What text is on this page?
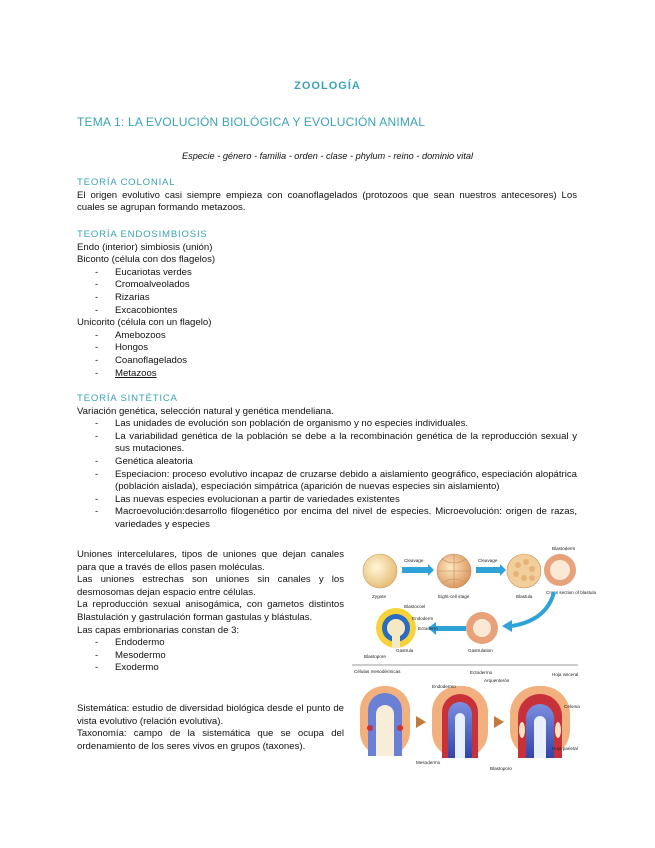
ZOOLOGÍA
TEMA 1: LA EVOLUCIÓN BIOLÓGICA Y EVOLUCIÓN ANIMAL
Especie - género - familia - orden - clase - phylum - reino - dominio vital
TEORÍA COLONIAL
El origen evolutivo casi siempre empieza con coanoflagelados (protozoos que sean nuestros antecesores) Los cuales se agrupan formando metazoos.
TEORÍA ENDOSIMBIOSIS
Endo (interior) simbiosis (unión)
Biconto (célula con dos flagelos)
- Eucariotas verdes
- Cromoalveolados
- Rizarias
- Excacobiontes
Unicorito (célula con un flagelo)
- Amebozoos
- Hongos
- Coanoflagelados
- Metazoos
TEORÍA SINTÉTICA
Variación genética, selección natural y genética mendeliana.
- Las unidades de evolución son población de organismo y no especies individuales.
- La variabilidad genética de la población se debe a la recombinación genética de la reproducción sexual y sus mutaciones.
- Genética aleatoria
- Especiacion: proceso evolutivo incapaz de cruzarse debido a aislamiento geográfico, especiación alopátrica (población aislada), especiación simpátrica (aparición de nuevas especies sin aislamiento)
- Las nuevas especies evolucionan a partir de variedades existentes
- Macroevolución:desarrollo filogenético por encima del nivel de especies. Microevolución: origen de razas, variedades y especies
Uniones intercelulares, tipos de uniones que dejan canales para que a través de ellos pasen moléculas.
Las uniones estrechas son uniones sin canales y los desmosomas dejan espacio entre células.
La reproducción sexual anisogámica, con gametos distintos Blastulación y gastrulación forman gastulas y blástulas.
Las capas embrionarias constan de 3:
- Endodermo
- Mesodermo
- Exodermo
Sistemática: estudio de diversidad biológica desde el punto de vista evolutivo (relación evolutiva).
Taxonomía: campo de la sistemática que se ocupa del ordenamiento de los seres vivos en grupos (taxones).
Zygote
Cleavage
Eight-cell stage
Cleavage
Blastula
Blastoderm
Cross section of blastula
Gastrulation
Blastocoel
Endoderm
Ectoderm
Gastrula
Blastopore
Células mesodérmicas	Ectodermo
Endodermo
Arquenterón
Hoja visceral
Celoma
Mesodermo
Blastoporo
Hoja parietal
